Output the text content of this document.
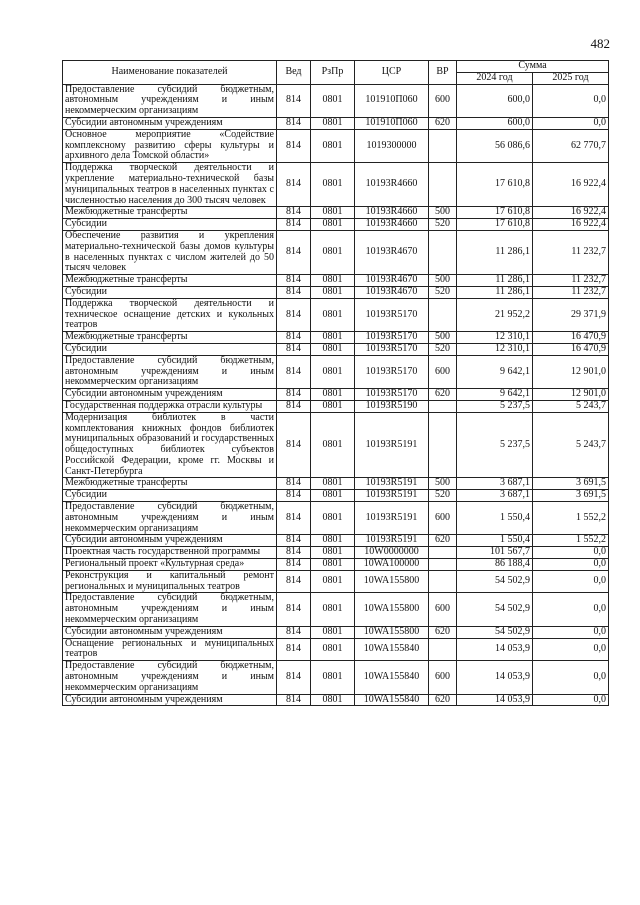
482
Наименование показателей	Вед	РзПр	ЦСР	ВР	Сумма	
					2024 год	2025 год
Предоставление субсидий бюджетным, автономным учреждениям и иным некоммерческим организациям	814	0801	101910П060	600	600,0	0,0
Субсидии автономным учреждениям	814	0801	101910П060	620	600,0	0,0
Основное мероприятие «Содействие комплексному развитию сферы культуры и архивного дела Томской области»	814	0801	1019300000		56 086,6	62 770,7
Поддержка творческой деятельности и укрепление материально-технической базы муниципальных театров в населенных пунктах с численностью населения до 300 тысяч человек	814	0801	10193R4660		17 610,8	16 922,4
Межбюджетные трансферты	814	0801	10193R4660	500	17 610,8	16 922,4
Субсидии	814	0801	10193R4660	520	17 610,8	16 922,4
Обеспечение развития и укрепления материально-технической базы домов культуры в населенных пунктах с числом жителей до 50 тысяч человек	814	0801	10193R4670		11 286,1	11 232,7
Межбюджетные трансферты	814	0801	10193R4670	500	11 286,1	11 232,7
Субсидии	814	0801	10193R4670	520	11 286,1	11 232,7
Поддержка творческой деятельности и техническое оснащение детских и кукольных театров	814	0801	10193R5170		21 952,2	29 371,9
Межбюджетные трансферты	814	0801	10193R5170	500	12 310,1	16 470,9
Субсидии	814	0801	10193R5170	520	12 310,1	16 470,9
Предоставление субсидий бюджетным, автономным учреждениям и иным некоммерческим организациям	814	0801	10193R5170	600	9 642,1	12 901,0
Субсидии автономным учреждениям	814	0801	10193R5170	620	9 642,1	12 901,0
Государственная поддержка отрасли культуры	814	0801	10193R5190		5 237,5	5 243,7
Модернизация библиотек в части комплектования книжных фондов библиотек муниципальных образований и государственных общедоступных библиотек субъектов Российской Федерации, кроме гг. Москвы и Санкт-Петербурга	814	0801	10193R5191		5 237,5	5 243,7
Межбюджетные трансферты	814	0801	10193R5191	500	3 687,1	3 691,5
Субсидии	814	0801	10193R5191	520	3 687,1	3 691,5
Предоставление субсидий бюджетным, автономным учреждениям и иным некоммерческим организациям	814	0801	10193R5191	600	1 550,4	1 552,2
Субсидии автономным учреждениям	814	0801	10193R5191	620	1 550,4	1 552,2
Проектная часть государственной программы	814	0801	10W0000000		101 567,7	0,0
Региональный проект «Культурная среда»	814	0801	10WA100000		86 188,4	0,0
Реконструкция и капитальный ремонт региональных и муниципальных театров	814	0801	10WA155800		54 502,9	0,0
Предоставление субсидий бюджетным, автономным учреждениям и иным некоммерческим организациям	814	0801	10WA155800	600	54 502,9	0,0
Субсидии автономным учреждениям	814	0801	10WA155800	620	54 502,9	0,0
Оснащение региональных и муниципальных театров	814	0801	10WA155840		14 053,9	0,0
Предоставление субсидий бюджетным, автономным учреждениям и иным некоммерческим организациям	814	0801	10WA155840	600	14 053,9	0,0
Субсидии автономным учреждениям	814	0801	10WA155840	620	14 053,9	0,0
